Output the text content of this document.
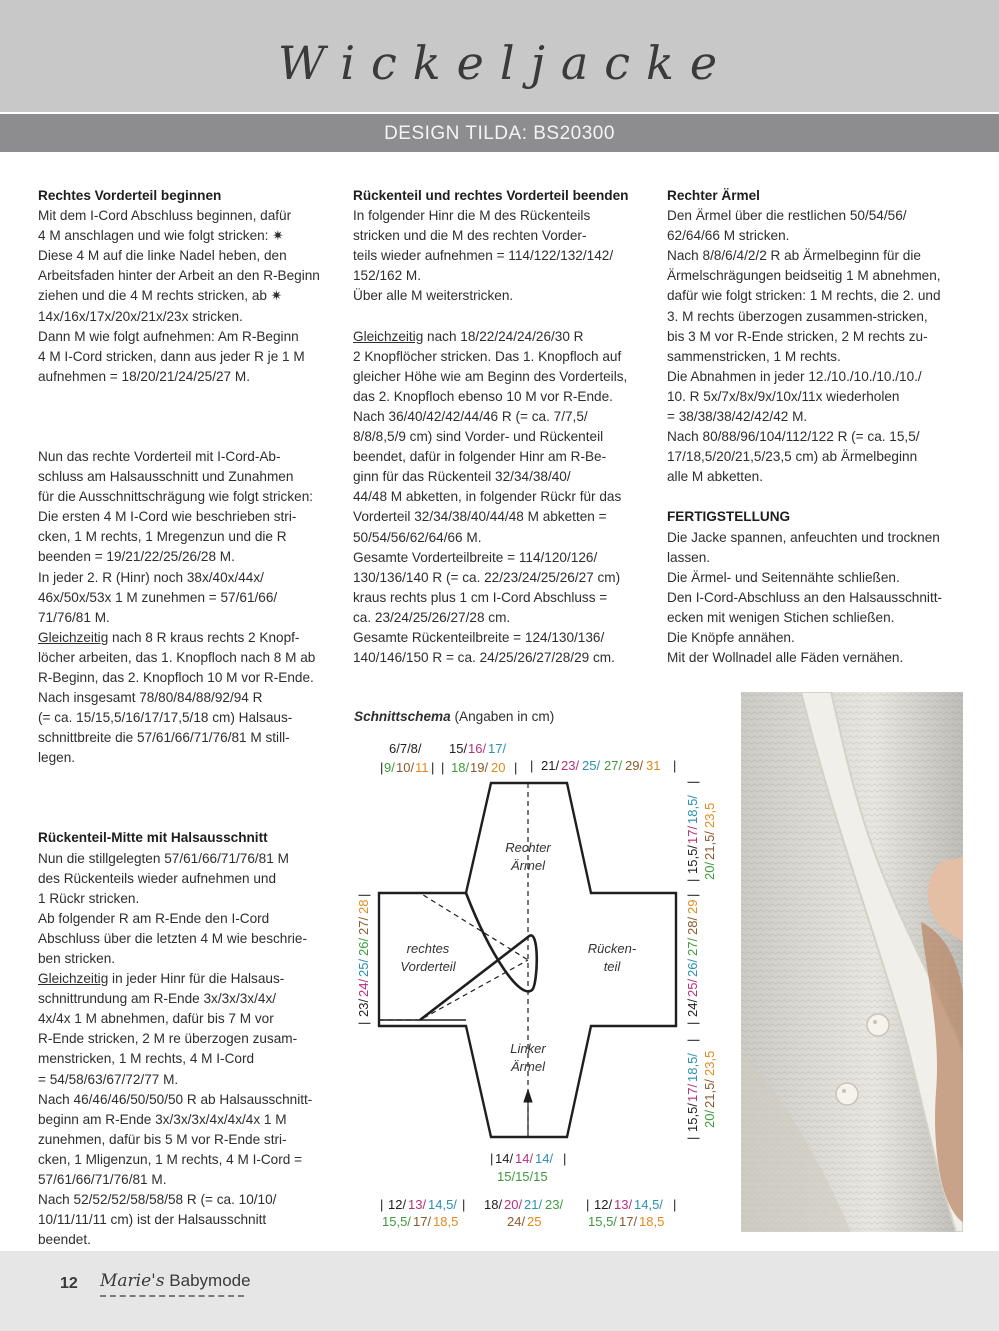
Wickeljacke
DESIGN TILDA: BS20300
Rechtes Vorderteil beginnen

Mit dem I-Cord Abschluss beginnen, dafür

4 M anschlagen und wie folgt stricken: ✷

Diese 4 M auf die linke Nadel heben, den

Arbeitsfaden hinter der Arbeit an den R-Beginn

ziehen und die 4 M rechts stricken, ab ✷

14x/16x/17x/20x/21x/23x stricken.

Dann M wie folgt aufnehmen: Am R-Beginn

4 M I-Cord stricken, dann aus jeder R je 1 M

aufnehmen = 18/20/21/24/25/27 M.

Nun das rechte Vorderteil mit I-Cord-Ab-

schluss am Halsausschnitt und Zunahmen

für die Ausschnittschrägung wie folgt stricken:

Die ersten 4 M I-Cord wie beschrieben stri-

cken, 1 M rechts, 1 Mregenzun und die R

beenden = 19/21/22/25/26/28 M.

In jeder 2. R (Hinr) noch 38x/40x/44x/

46x/50x/53x 1 M zunehmen = 57/61/66/

71/76/81 M.

Gleichzeitig nach 8 R kraus rechts 2 Knopf-

löcher arbeiten, das 1. Knopfloch nach 8 M ab

R-Beginn, das 2. Knopfloch 10 M vor R-Ende.

Nach insgesamt 78/80/84/88/92/94 R

(= ca. 15/15,5/16/17/17,5/18 cm) Halsaus-

schnittbreite die 57/61/66/71/76/81 M still-

legen.

Rückenteil-Mitte mit Halsausschnitt

Nun die stillgelegten 57/61/66/71/76/81 M

des Rückenteils wieder aufnehmen und

1 Rückr stricken.

Ab folgender R am R-Ende den I-Cord

Abschluss über die letzten 4 M wie beschrie-

ben stricken.

Gleichzeitig in jeder Hinr für die Halsaus-

schnittrundung am R-Ende 3x/3x/3x/4x/

4x/4x 1 M abnehmen, dafür bis 7 M vor

R-Ende stricken, 2 M re überzogen zusam-

menstricken, 1 M rechts, 4 M I-Cord

= 54/58/63/67/72/77 M.

Nach 46/46/46/50/50/50 R ab Halsausschnitt-

beginn am R-Ende 3x/3x/3x/4x/4x/4x 1 M

zunehmen, dafür bis 5 M vor R-Ende stri-

cken, 1 Mligenzun, 1 M rechts, 4 M I-Cord =

57/61/66/71/76/81 M.

Nach 52/52/52/58/58/58 R (= ca. 10/10/

10/11/11/11 cm) ist der Halsausschnitt

beendet.

Rückenteil und rechtes Vorderteil beenden

In folgender Hinr die M des Rückenteils

stricken und die M des rechten Vorder-

teils wieder aufnehmen = 114/122/132/142/

152/162 M.

Über alle M weiterstricken.

Gleichzeitig nach 18/22/24/24/26/30 R

2 Knopflöcher stricken. Das 1. Knopfloch auf

gleicher Höhe wie am Beginn des Vorderteils,

das 2. Knopfloch ebenso 10 M vor R-Ende.

Nach 36/40/42/42/44/46 R (= ca. 7/7,5/

8/8/8,5/9 cm) sind Vorder- und Rückenteil

beendet, dafür in folgender Hinr am R-Be-

ginn für das Rückenteil 32/34/38/40/

44/48 M abketten, in folgender Rückr für das

Vorderteil 32/34/38/40/44/48 M abketten =

50/54/56/62/64/66 M.

Gesamte Vorderteilbreite = 114/120/126/

130/136/140 R (= ca. 22/23/24/25/26/27 cm)

kraus rechts plus 1 cm I-Cord Abschluss =

ca. 23/24/25/26/27/28 cm.

Gesamte Rückenteilbreite = 124/130/136/

140/146/150 R = ca. 24/25/26/27/28/29 cm.

Rechter Ärmel

Den Ärmel über die restlichen 50/54/56/

62/64/66 M stricken.

Nach 8/8/6/4/2/2 R ab Ärmelbeginn für die

Ärmelschrägungen beidseitig 1 M abnehmen,

dafür wie folgt stricken: 1 M rechts, die 2. und

3. M rechts überzogen zusammen-stricken,

bis 3 M vor R-Ende stricken, 2 M rechts zu-

sammenstricken, 1 M rechts.

Die Abnahmen in jeder 12./10./10./10./10./

10. R 5x/7x/8x/9x/10x/11x wiederholen

= 38/38/38/42/42/42 M.

Nach 80/88/96/104/112/122 R (= ca. 15,5/

17/18,5/20/21,5/23,5 cm) ab Ärmelbeginn

alle M abketten.

FERTIGSTELLUNG

Die Jacke spannen, anfeuchten und trocknen

lassen.

Die Ärmel- und Seitennähte schließen.

Den I-Cord-Abschluss an den Halsausschnitt-

ecken mit wenigen Stichen schließen.

Die Knöpfe annähen.

Mit der Wollnadel alle Fäden vernähen.

Schnittschema (Angaben in cm)
Rechter
Ärmel
rechtes
Vorderteil
Rücken-
teil
Linker
Ärmel
6/7/8/
| 9/ 10/ 11 |
15/ 16/ 17/
| 18/ 19/ 20 | | 21/ 23/ 25/ 27/ 29/ 31 |
| 14/ 14/ 14/ |
15/15/15
| 12/ 13/ 14,5/ |
15,5/ 17/ 18,5
18/ 20/ 21/ 23/
24/ 25
| 12/ 13/ 14,5/ |
15,5/ 17/ 18,5
|
23/
24/
25/
26/
27/
28
|
|
24/
25/
26/
27/
28/
29
|
|
15,5/
17/
18,5/
|
20/
21,5/
23,5
|
15,5/
17/
18,5/
|
20/
21,5/
23,5
12 Marie's Babymode
